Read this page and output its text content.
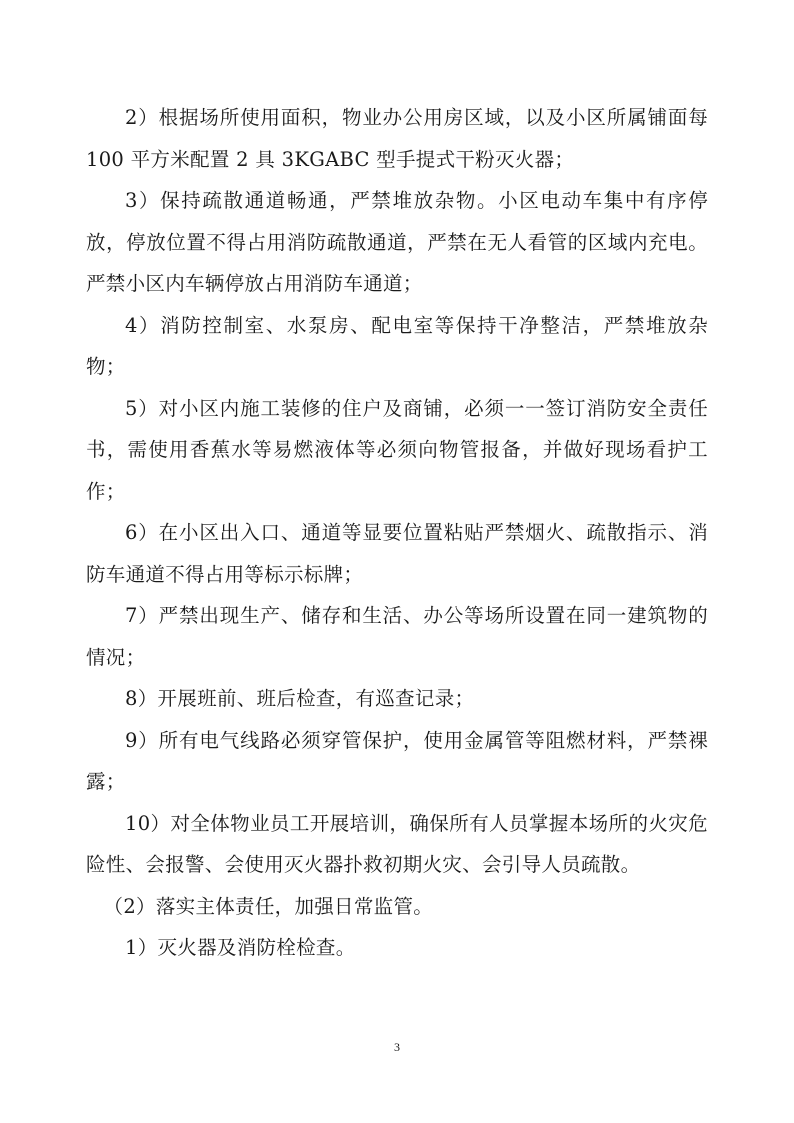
2）根据场所使用面积，物业办公用房区域，以及小区所属铺面每 100 平方米配置 2 具 3KGABC 型手提式干粉灭火器；

3）保持疏散通道畅通，严禁堆放杂物。小区电动车集中有序停放，停放位置不得占用消防疏散通道，严禁在无人看管的区域内充电。严禁小区内车辆停放占用消防车通道；

4）消防控制室、水泵房、配电室等保持干净整洁，严禁堆放杂物；

5）对小区内施工装修的住户及商铺，必须一一签订消防安全责任书，需使用香蕉水等易燃液体等必须向物管报备，并做好现场看护工作；

6）在小区出入口、通道等显要位置粘贴严禁烟火、疏散指示、消防车通道不得占用等标示标牌；

7）严禁出现生产、储存和生活、办公等场所设置在同一建筑物的情况；

8）开展班前、班后检查，有巡查记录；

9）所有电气线路必须穿管保护，使用金属管等阻燃材料，严禁裸露；

10）对全体物业员工开展培训，确保所有人员掌握本场所的火灾危险性、会报警、会使用灭火器扑救初期火灾、会引导人员疏散。

（2）落实主体责任，加强日常监管。

1）灭火器及消防栓检查。

3
